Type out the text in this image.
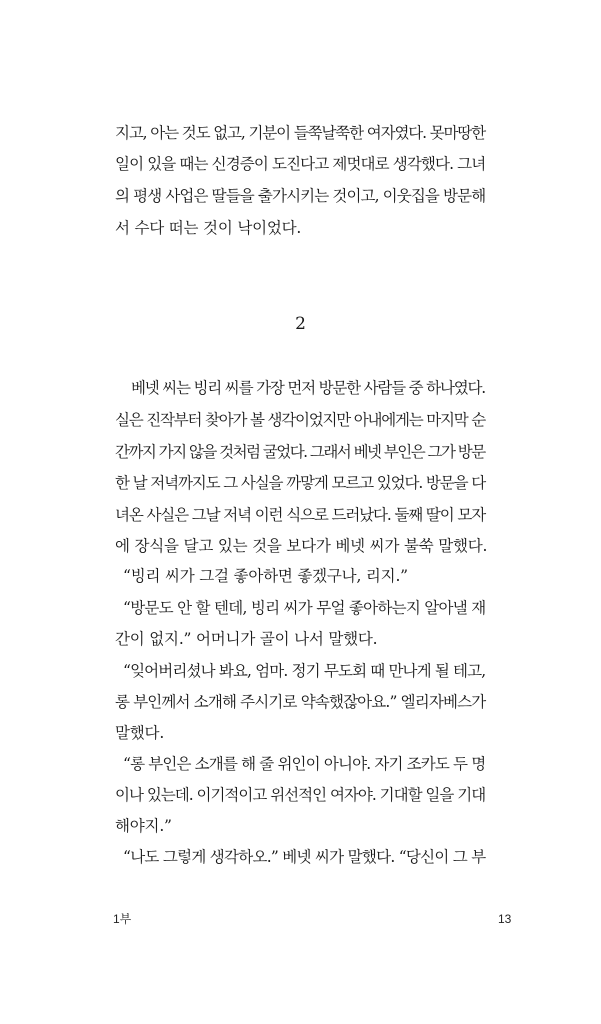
지고, 아는 것도 없고, 기분이 들쭉날쭉한 여자였다. 못마땅한
일이 있을 때는 신경증이 도진다고 제멋대로 생각했다. 그녀
의 평생 사업은 딸들을 출가시키는 것이고, 이웃집을 방문해
서 수다 떠는 것이 낙이었다.
2
베넷 씨는 빙리 씨를 가장 먼저 방문한 사람들 중 하나였다.
실은 진작부터 찾아가 볼 생각이었지만 아내에게는 마지막 순
간까지 가지 않을 것처럼 굴었다. 그래서 베넷 부인은 그가 방문
한 날 저녁까지도 그 사실을 까맣게 모르고 있었다. 방문을 다
녀온 사실은 그날 저녁 이런 식으로 드러났다. 둘째 딸이 모자
에 장식을 달고 있는 것을 보다가 베넷 씨가 불쑥 말했다.
“빙리 씨가 그걸 좋아하면 좋겠구나, 리지.”
“방문도 안 할 텐데, 빙리 씨가 무얼 좋아하는지 알아낼 재
간이 없지.” 어머니가 골이 나서 말했다.
“잊어버리셨나 봐요, 엄마. 정기 무도회 때 만나게 될 테고,
롱 부인께서 소개해 주시기로 약속했잖아요.” 엘리자베스가
말했다.
“롱 부인은 소개를 해 줄 위인이 아니야. 자기 조카도 두 명
이나 있는데. 이기적이고 위선적인 여자야. 기대할 일을 기대
해야지.”
“나도 그렇게 생각하오.” 베넷 씨가 말했다. “당신이 그 부
1부	13
